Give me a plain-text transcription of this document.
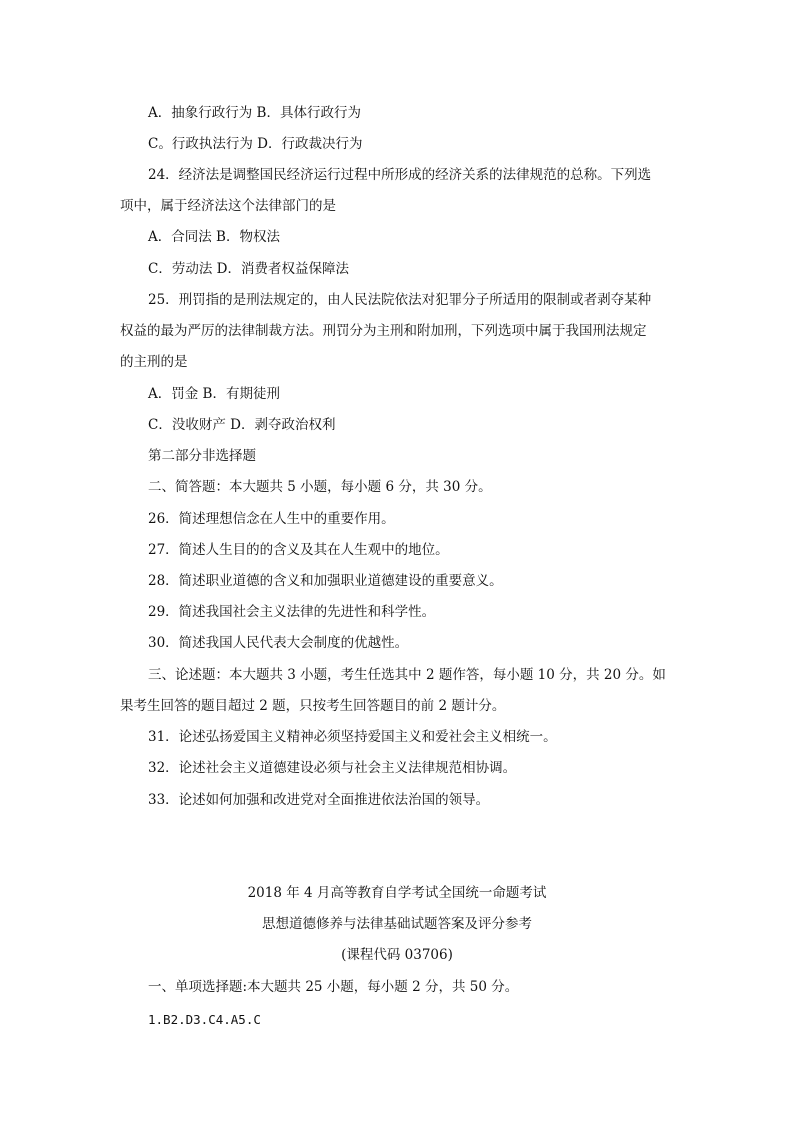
A．抽象行政行为 B．具体行政行为
C。行政执法行为 D．行政裁决行为
24．经济法是调整国民经济运行过程中所形成的经济关系的法律规范的总称。下列选
项中，属于经济法这个法律部门的是
A．合同法 B．物权法
C．劳动法 D．消费者权益保障法
25．刑罚指的是刑法规定的，由人民法院依法对犯罪分子所适用的限制或者剥夺某种
权益的最为严厉的法律制裁方法。刑罚分为主刑和附加刑，下列选项中属于我国刑法规定
的主刑的是
A．罚金 B．有期徒刑
C．没收财产 D．剥夺政治权利
第二部分非选择题
二、简答题：本大题共 5 小题，每小题 6 分，共 30 分。
26．简述理想信念在人生中的重要作用。
27．简述人生目的的含义及其在人生观中的地位。
28．简述职业道德的含义和加强职业道德建设的重要意义。
29．简述我国社会主义法律的先进性和科学性。
30．简述我国人民代表大会制度的优越性。
三、论述题：本大题共 3 小题，考生任选其中 2 题作答，每小题 10 分，共 20 分。如
果考生回答的题目超过 2 题，只按考生回答题目的前 2 题计分。
31．论述弘扬爱国主义精神必须坚持爱国主义和爱社会主义相统一。
32．论述社会主义道德建设必须与社会主义法律规范相协调。
33．论述如何加强和改进党对全面推进依法治国的领导。
2018 年 4 月高等教育自学考试全国统一命题考试
思想道德修养与法律基础试题答案及评分参考
(课程代码 03706)
一、单项选择题:本大题共 25 小题，每小题 2 分，共 50 分。
1.B2.D3.C4.A5.C
